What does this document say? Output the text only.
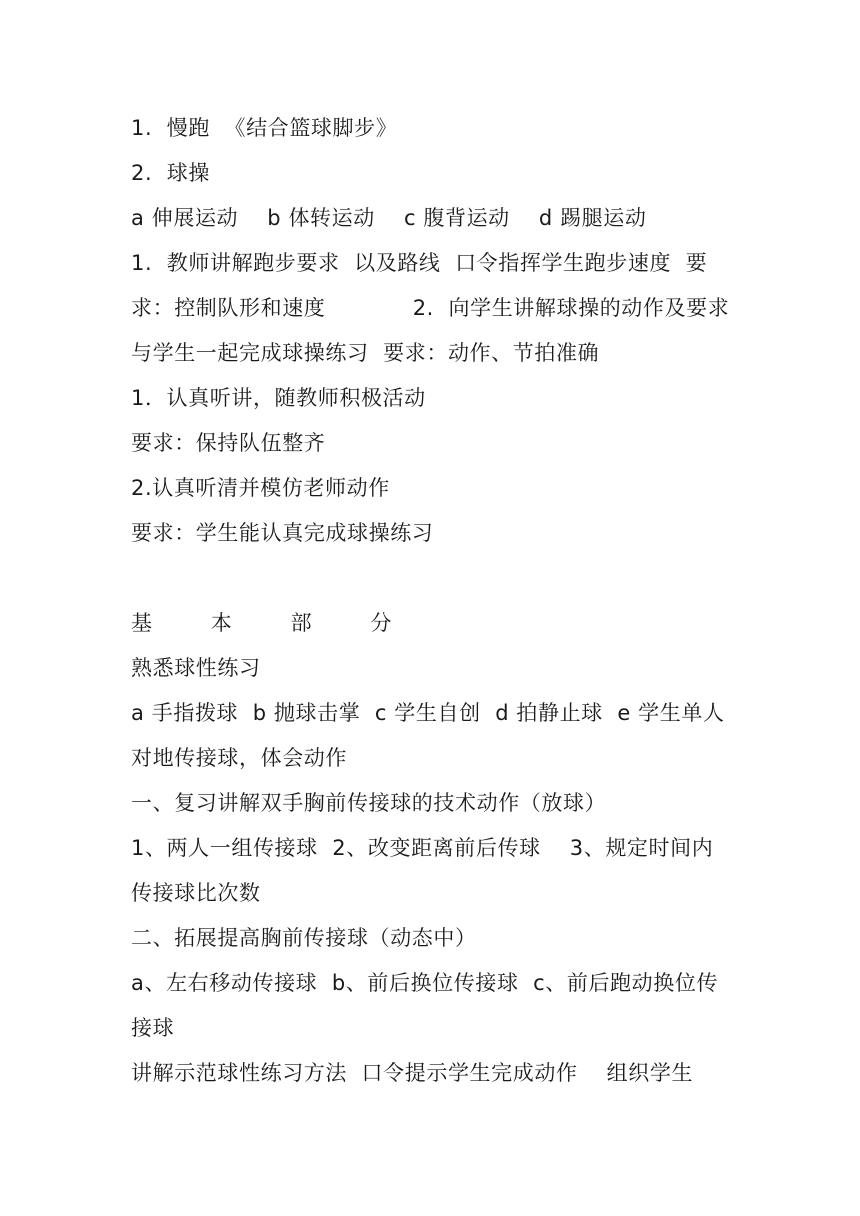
1.  慢跑  《结合篮球脚步》
2.  球操
a 伸展运动    b 体转运动    c 腹背运动    d 踢腿运动
1.  教师讲解跑步要求  以及路线  口令指挥学生跑步速度  要
求：控制队形和速度            2.  向学生讲解球操的动作及要求
与学生一起完成球操练习  要求：动作、节拍准确
1．认真听讲，随教师积极活动
要求：保持队伍整齐
2.认真听清并模仿老师动作
要求：学生能认真完成球操练习
基        本        部        分
熟悉球性练习
a 手指拨球  b 抛球击掌  c 学生自创  d 拍静止球  e 学生单人
对地传接球，体会动作
一、复习讲解双手胸前传接球的技术动作（放球）
1、两人一组传接球  2、改变距离前后传球    3、规定时间内
传接球比次数
二、拓展提高胸前传接球（动态中）
a、左右移动传接球  b、前后换位传接球  c、前后跑动换位传
接球
讲解示范球性练习方法  口令提示学生完成动作    组织学生
